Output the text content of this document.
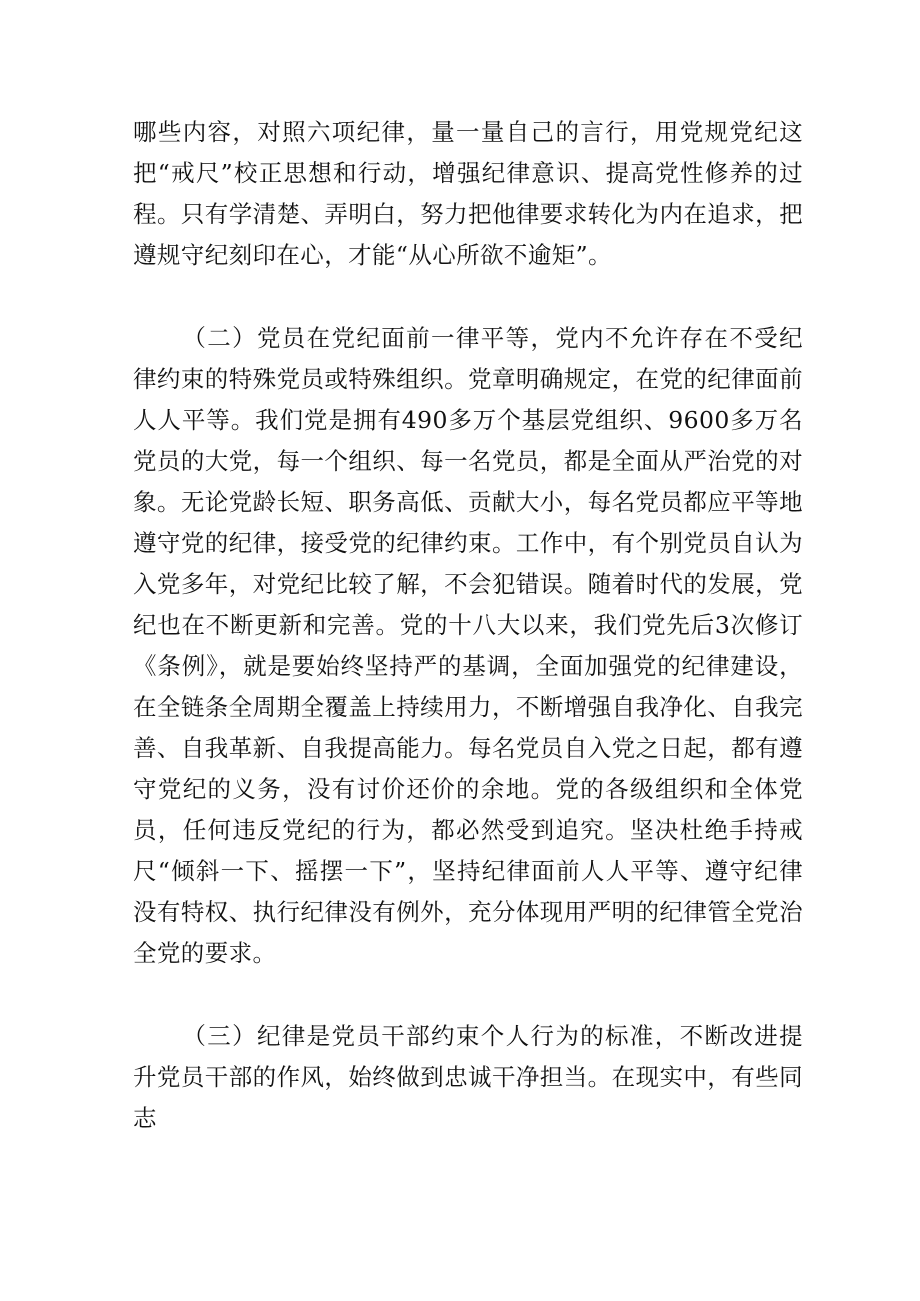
哪些内容，对照六项纪律，量一量自己的言行，用党规党纪这把“戒尺”校正思想和行动，增强纪律意识、提高党性修养的过程。只有学清楚、弄明白，努力把他律要求转化为内在追求，把遵规守纪刻印在心，才能“从心所欲不逾矩”。

（二）党员在党纪面前一律平等，党内不允许存在不受纪律约束的特殊党员或特殊组织。党章明确规定，在党的纪律面前人人平等。我们党是拥有490多万个基层党组织、9600多万名党员的大党，每一个组织、每一名党员，都是全面从严治党的对象。无论党龄长短、职务高低、贡献大小，每名党员都应平等地遵守党的纪律，接受党的纪律约束。工作中，有个别党员自认为入党多年，对党纪比较了解，不会犯错误。随着时代的发展，党纪也在不断更新和完善。党的十八大以来，我们党先后3次修订《条例》，就是要始终坚持严的基调，全面加强党的纪律建设，在全链条全周期全覆盖上持续用力，不断增强自我净化、自我完善、自我革新、自我提高能力。每名党员自入党之日起，都有遵守党纪的义务，没有讨价还价的余地。党的各级组织和全体党员，任何违反党纪的行为，都必然受到追究。坚决杜绝手持戒尺“倾斜一下、摇摆一下”，坚持纪律面前人人平等、遵守纪律没有特权、执行纪律没有例外，充分体现用严明的纪律管全党治全党的要求。

（三）纪律是党员干部约束个人行为的标准，不断改进提升党员干部的作风，始终做到忠诚干净担当。在现实中，有些同志
